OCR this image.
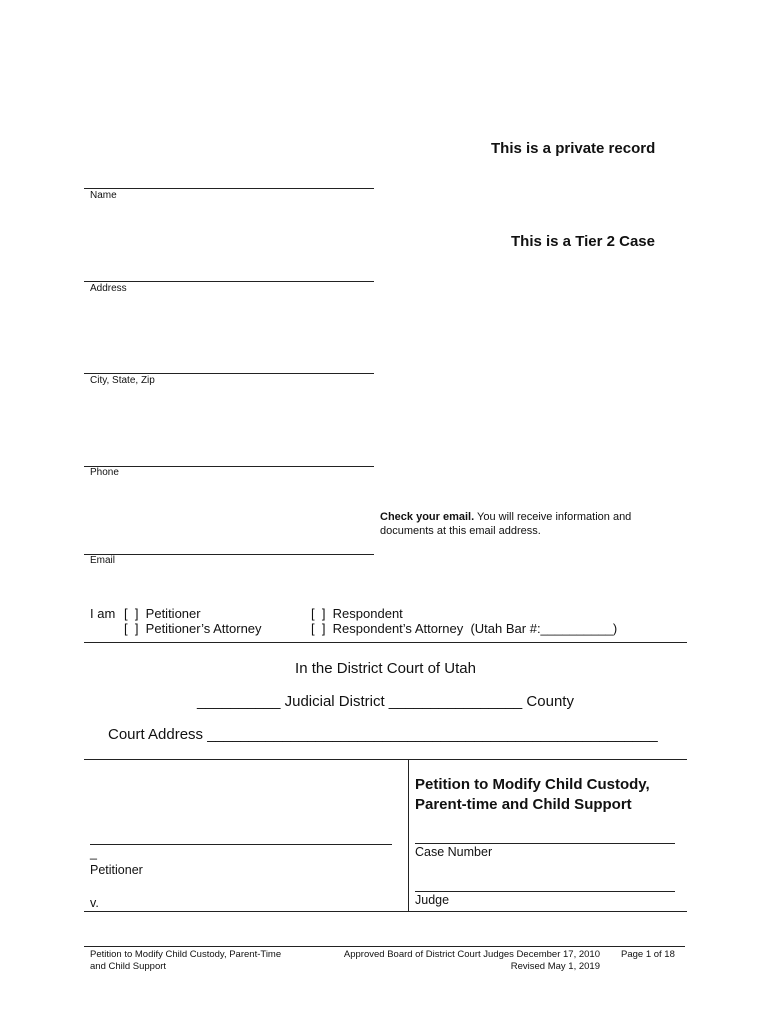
This is a private record
This is a Tier 2 Case
Name
Address
City, State, Zip
Phone
Check your email. You will receive information and
documents at this email address.
Email
I am [  ]  Petitioner
[  ]  Petitioner’s Attorney
[  ]  Respondent
[  ]  Respondent’s Attorney  (Utah Bar #:__________)
In the District Court of Utah
__________ Judicial District ________________ County
Court Address ______________________________________________________
Petition to Modify Child Custody,
Parent-time and Child Support
_
Petitioner
v.
Case Number
Judge
Petition to Modify Child Custody, Parent-Time
and Child Support
Approved Board of District Court Judges December 17, 2010
Revised May 1, 2019
Page 1 of 18
